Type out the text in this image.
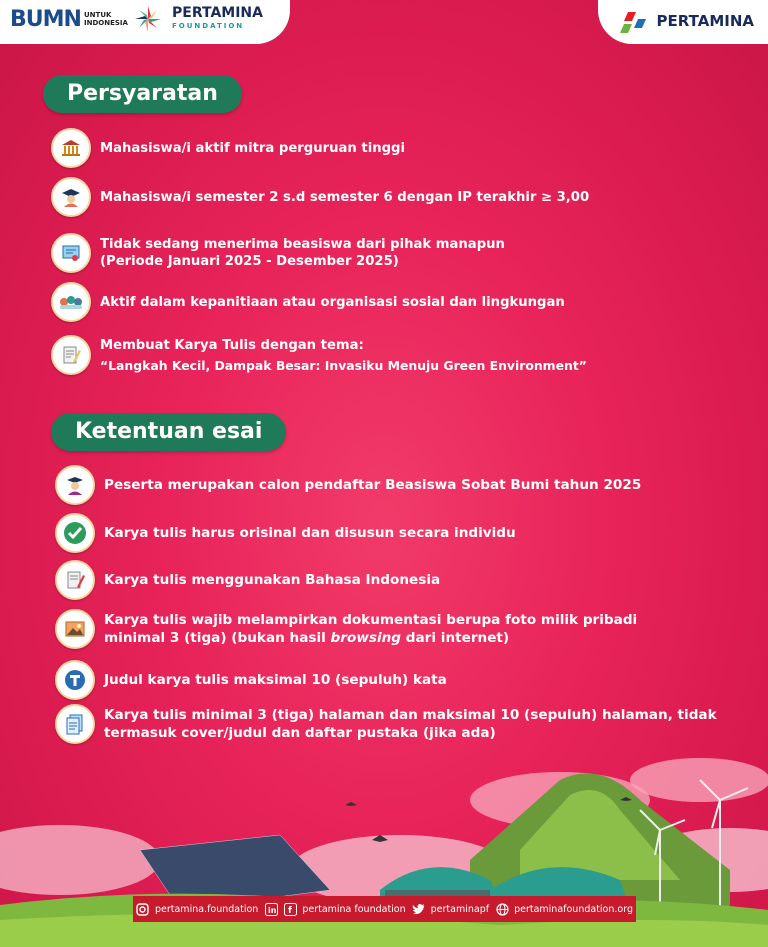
BUMN UNTUK
INDONESIA
PERTAMINA
FOUNDATION	PERTAMINA
Persyaratan
Mahasiswa/i aktif mitra perguruan tinggi
Mahasiswa/i semester 2 s.d semester 6 dengan IP terakhir ≥ 3,00
Tidak sedang menerima beasiswa dari pihak manapun
(Periode Januari 2025 - Desember 2025)
Aktif dalam kepanitiaan atau organisasi sosial dan lingkungan
Membuat Karya Tulis dengan tema:
“Langkah Kecil, Dampak Besar: Invasiku Menuju Green Environment”
Ketentuan esai
Peserta merupakan calon pendaftar Beasiswa Sobat Bumi tahun 2025
Karya tulis harus orisinal dan disusun secara individu
Karya tulis menggunakan Bahasa Indonesia
Karya tulis wajib melampirkan dokumentasi berupa foto milik pribadi
minimal 3 (tiga) (bukan hasil browsing dari internet)
Judul karya tulis maksimal 10 (sepuluh) kata
Karya tulis minimal 3 (tiga) halaman dan maksimal 10 (sepuluh) halaman, tidak
termasuk cover/judul dan daftar pustaka (jika ada)
pertamina.foundation in f pertamina foundation	pertaminapf	pertaminafoundation.org
